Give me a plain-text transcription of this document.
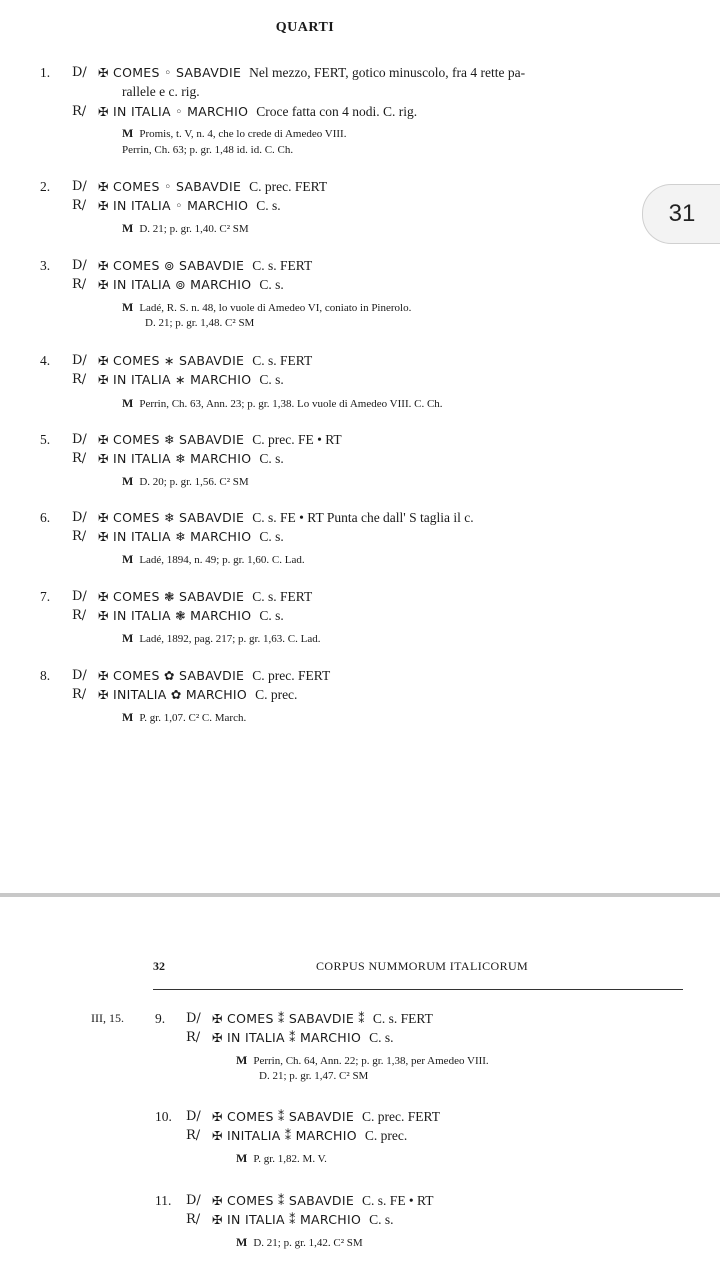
QUARTI
1. D/ ✠ COMES ◦ SABAVDIE Nel mezzo, FERT, gotico minuscolo, fra 4 rette pa-
rallele e c. rig.
R/ ✠ IN ITALIA ◦ MARCHIO Croce fatta con 4 nodi. C. rig.
M Promis, t. V, n. 4, che lo crede di Amedeo VIII.
Perrin, Ch. 63; p. gr. 1,48 id. id. C. Ch.
2. D/ ✠ COMES ◦ SABAVDIE C. prec. FERT
R/ ✠ IN ITALIA ◦ MARCHIO C. s.
M D. 21; p. gr. 1,40. C² SM
3. D/ ✠ COMES ⊚ SABAVDIE C. s. FERT
R/ ✠ IN ITALIA ⊚ MARCHIO C. s.
M Ladé, R. S. n. 48, lo vuole di Amedeo VI, coniato in Pinerolo.
D. 21; p. gr. 1,48. C² SM
4. D/ ✠ COMES ∗ SABAVDIE C. s. FERT
R/ ✠ IN ITALIA ∗ MARCHIO C. s.
M Perrin, Ch. 63, Ann. 23; p. gr. 1,38. Lo vuole di Amedeo VIII. C. Ch.
5. D/ ✠ COMES ❄ SABAVDIE C. prec. FE • RT
R/ ✠ IN ITALIA ❄ MARCHIO C. s.
M D. 20; p. gr. 1,56. C² SM
6. D/ ✠ COMES ❄ SABAVDIE C. s. FE • RT Punta che dall' S taglia il c.
R/ ✠ IN ITALIA ❄ MARCHIO C. s.
M Ladé, 1894, n. 49; p. gr. 1,60. C. Lad.
7. D/ ✠ COMES ❃ SABAVDIE C. s. FERT
R/ ✠ IN ITALIA ❃ MARCHIO C. s.
M Ladé, 1892, pag. 217; p. gr. 1,63. C. Lad.
8. D/ ✠ COMES ✿ SABAVDIE C. prec. FERT
R/ ✠ INITALIA ✿ MARCHIO C. prec.
M P. gr. 1,07. C² C. March.
31
32	CORPUS NUMMORUM ITALICORUM
III, 15. 9. D/ ✠ COMES ⁑ SABAVDIE ⁑ C. s. FERT
R/ ✠ IN ITALIA ⁑ MARCHIO C. s.
M Perrin, Ch. 64, Ann. 22; p. gr. 1,38, per Amedeo VIII.
D. 21; p. gr. 1,47. C² SM
10. D/ ✠ COMES ⁑ SABAVDIE C. prec. FERT
R/ ✠ INITALIA ⁑ MARCHIO C. prec.
M P. gr. 1,82. M. V.
11. D/ ✠ COMES ⁑ SABAVDIE C. s. FE • RT
R/ ✠ IN ITALIA ⁑ MARCHIO C. s.
M D. 21; p. gr. 1,42. C² SM
